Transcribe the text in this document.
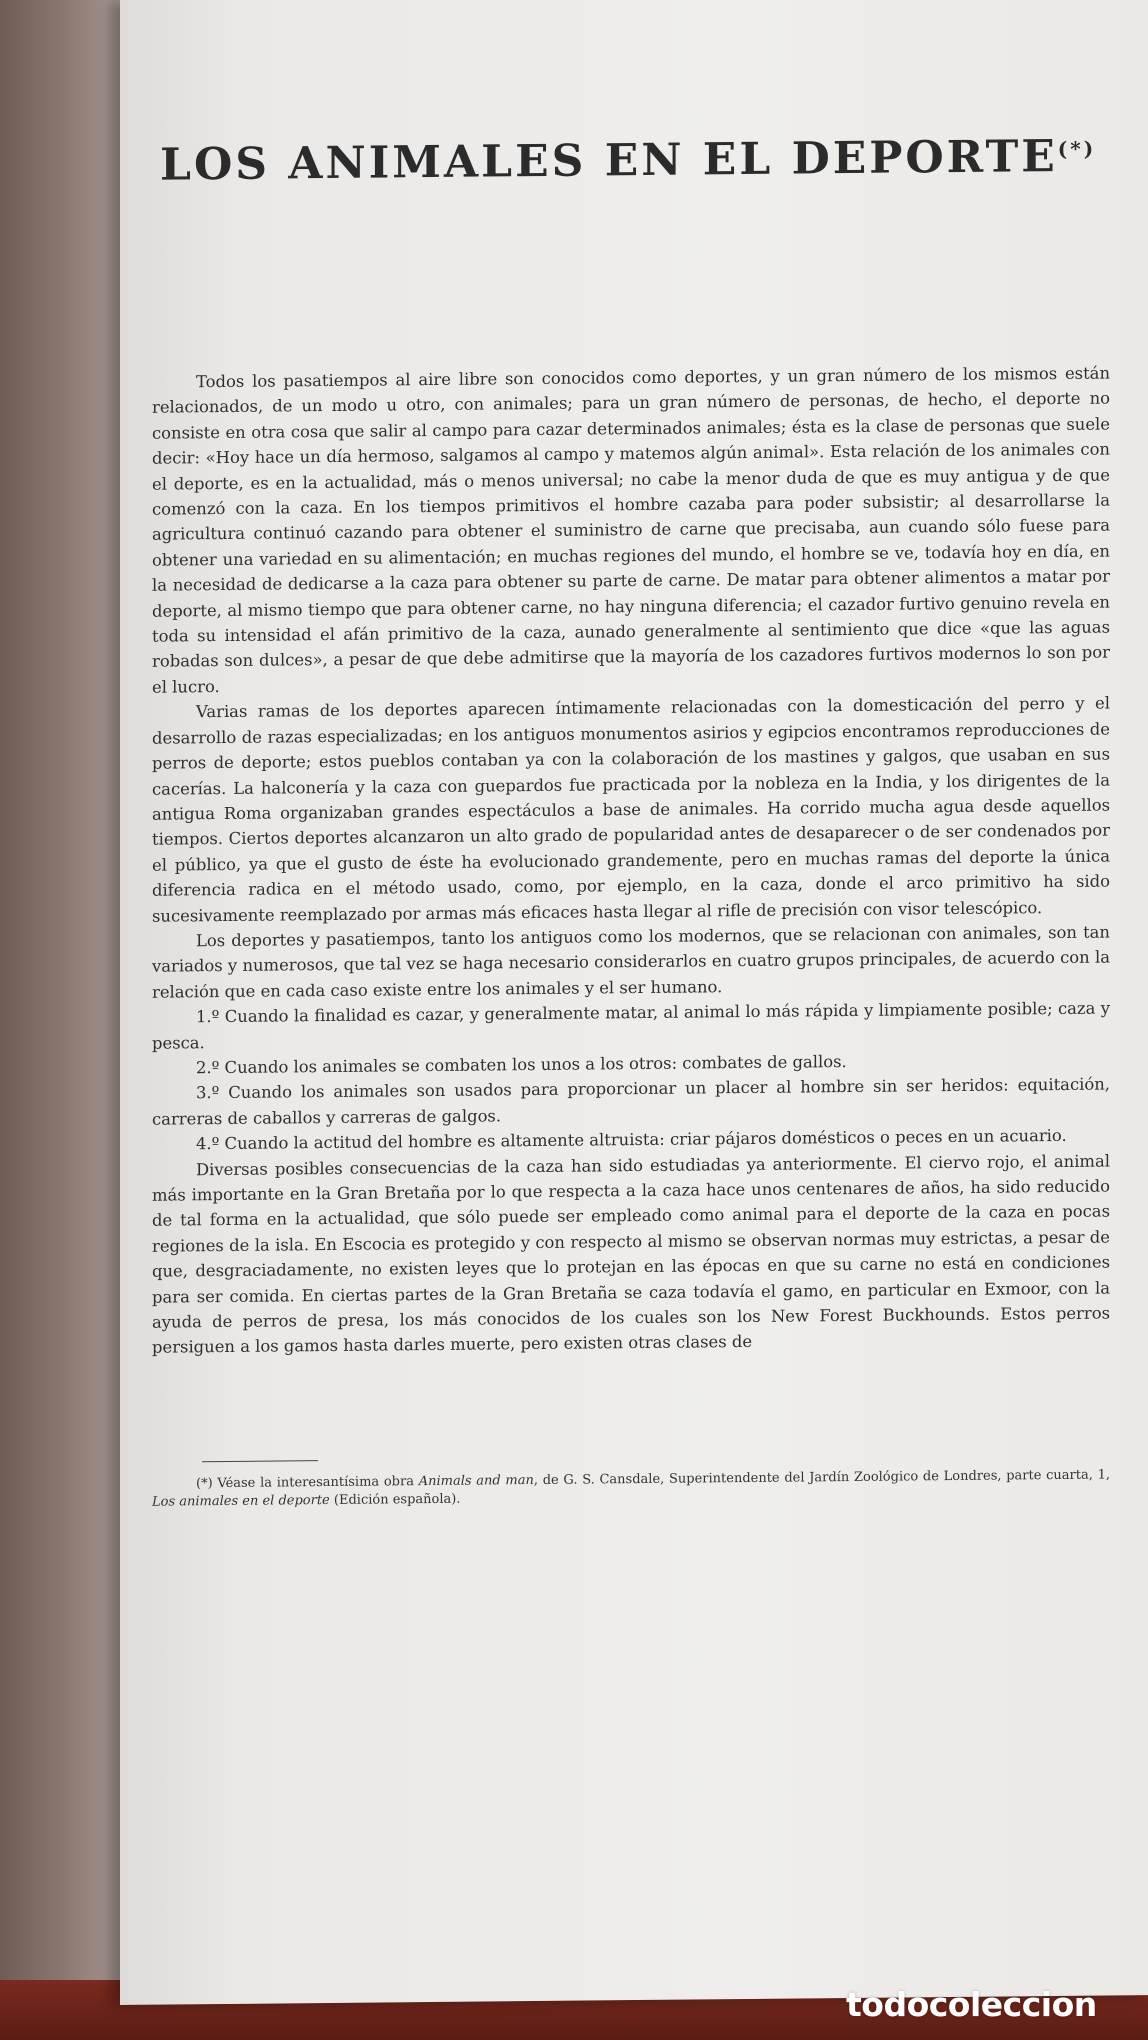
LOS ANIMALES EN EL DEPORTE(*)

Todos los pasatiempos al aire libre son conocidos como deportes, y un gran número de los mismos están relacionados, de un modo u otro, con animales; para un gran número de personas, de hecho, el deporte no consiste en otra cosa que salir al campo para cazar determinados animales; ésta es la clase de personas que suele decir: «Hoy hace un día hermoso, salgamos al campo y matemos algún animal». Esta relación de los animales con el deporte, es en la actualidad, más o menos universal; no cabe la menor duda de que es muy antigua y de que comenzó con la caza. En los tiempos primitivos el hombre cazaba para poder subsistir; al desarrollarse la agricultura continuó cazando para obtener el suministro de carne que precisaba, aun cuando sólo fuese para obtener una variedad en su alimentación; en muchas regiones del mundo, el hombre se ve, todavía hoy en día, en la necesidad de dedicarse a la caza para obtener su parte de carne. De matar para obtener alimentos a matar por deporte, al mismo tiempo que para obtener carne, no hay ninguna diferencia; el cazador furtivo genuino revela en toda su intensidad el afán primitivo de la caza, aunado generalmente al sentimiento que dice «que las aguas robadas son dulces», a pesar de que debe admitirse que la mayoría de los cazadores furtivos modernos lo son por el lucro.

Varias ramas de los deportes aparecen íntimamente relacionadas con la domesticación del perro y el desarrollo de razas especializadas; en los antiguos monumentos asirios y egipcios encontramos reproducciones de perros de deporte; estos pueblos contaban ya con la colaboración de los mastines y galgos, que usaban en sus cacerías. La halconería y la caza con guepardos fue practicada por la nobleza en la India, y los dirigentes de la antigua Roma organizaban grandes espectáculos a base de animales. Ha corrido mucha agua desde aquellos tiempos. Ciertos deportes alcanzaron un alto grado de popularidad antes de desaparecer o de ser condenados por el público, ya que el gusto de éste ha evolucionado grandemente, pero en muchas ramas del deporte la única diferencia radica en el método usado, como, por ejemplo, en la caza, donde el arco primitivo ha sido sucesivamente reemplazado por armas más eficaces hasta llegar al rifle de precisión con visor telescópico.

Los deportes y pasatiempos, tanto los antiguos como los modernos, que se relacionan con animales, son tan variados y numerosos, que tal vez se haga necesario considerarlos en cuatro grupos principales, de acuerdo con la relación que en cada caso existe entre los animales y el ser humano.

1.º Cuando la finalidad es cazar, y generalmente matar, al animal lo más rápida y limpiamente posible; caza y pesca.

2.º Cuando los animales se combaten los unos a los otros: combates de gallos.

3.º Cuando los animales son usados para proporcionar un placer al hombre sin ser heridos: equitación, carreras de caballos y carreras de galgos.

4.º Cuando la actitud del hombre es altamente altruista: criar pájaros domésticos o peces en un acuario.

Diversas posibles consecuencias de la caza han sido estudiadas ya anteriormente. El ciervo rojo, el animal más importante en la Gran Bretaña por lo que respecta a la caza hace unos centenares de años, ha sido reducido de tal forma en la actualidad, que sólo puede ser empleado como animal para el deporte de la caza en pocas regiones de la isla. En Escocia es protegido y con respecto al mismo se observan normas muy estrictas, a pesar de que, desgraciadamente, no existen leyes que lo protejan en las épocas en que su carne no está en condiciones para ser comida. En ciertas partes de la Gran Bretaña se caza todavía el gamo, en particular en Exmoor, con la ayuda de perros de presa, los más conocidos de los cuales son los New Forest Buckhounds. Estos perros persiguen a los gamos hasta darles muerte, pero existen otras clases de

(*) Véase la interesantísima obra Animals and man, de G. S. Cansdale, Superintendente del Jardín Zoológico de Londres, parte cuarta, 1, Los animales en el deporte (Edición española).
todocoleccion
